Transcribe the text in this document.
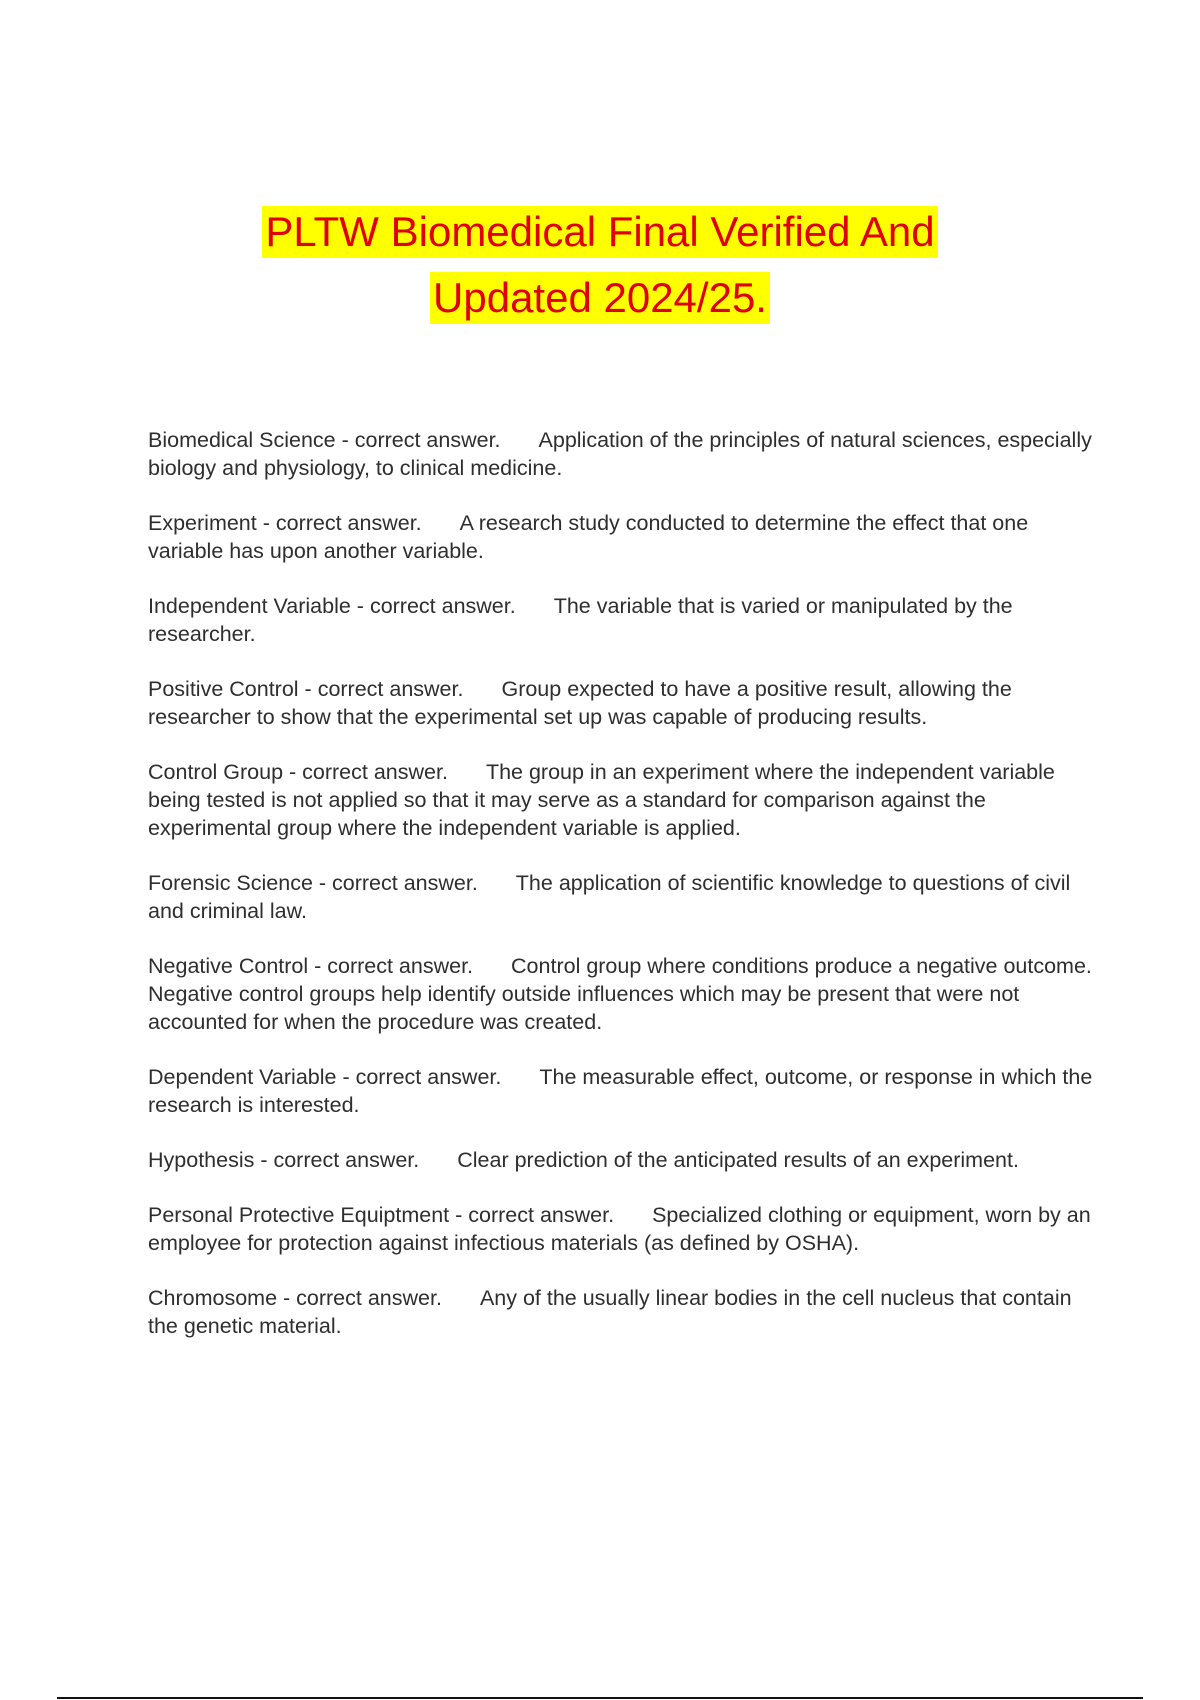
PLTW Biomedical Final Verified And
Updated 2024/25.

Biomedical Science - correct answer. Application of the principles of natural sciences, especially biology and physiology, to clinical medicine.

Experiment - correct answer. A research study conducted to determine the effect that one variable has upon another variable.

Independent Variable - correct answer. The variable that is varied or manipulated by the researcher.

Positive Control - correct answer. Group expected to have a positive result, allowing the researcher to show that the experimental set up was capable of producing results.

Control Group - correct answer. The group in an experiment where the independent variable being tested is not applied so that it may serve as a standard for comparison against the experimental group where the independent variable is applied.

Forensic Science - correct answer. The application of scientific knowledge to questions of civil and criminal law.

Negative Control - correct answer. Control group where conditions produce a negative outcome. Negative control groups help identify outside influences which may be present that were not accounted for when the procedure was created.

Dependent Variable - correct answer. The measurable effect, outcome, or response in which the research is interested.

Hypothesis - correct answer. Clear prediction of the anticipated results of an experiment.

Personal Protective Equiptment - correct answer. Specialized clothing or equipment, worn by an employee for protection against infectious materials (as defined by OSHA).

Chromosome - correct answer. Any of the usually linear bodies in the cell nucleus that contain the genetic material.
